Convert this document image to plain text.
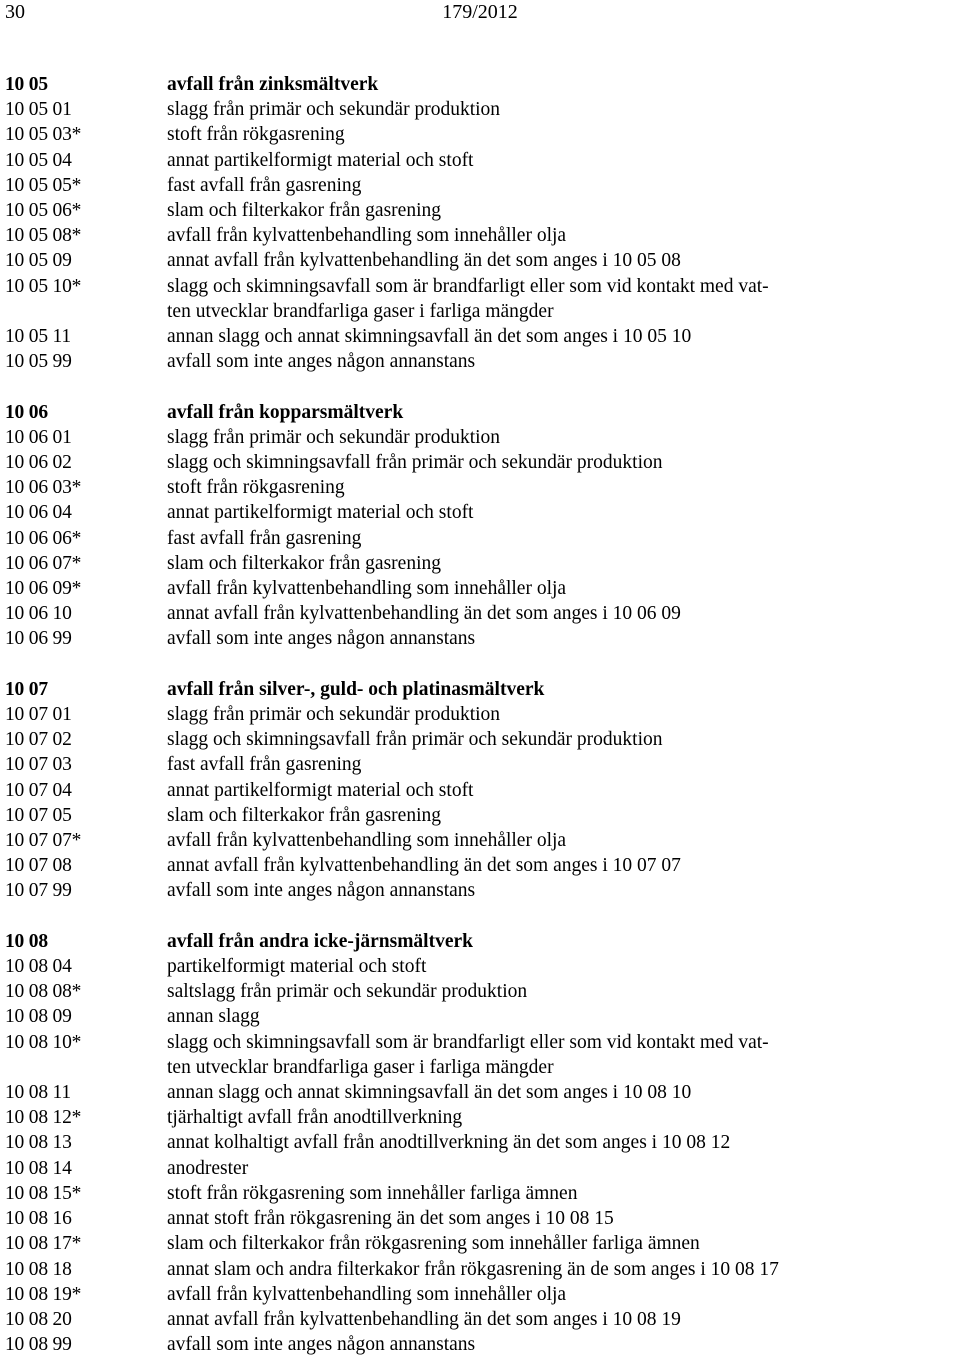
30	179/2012
10 05	avfall från zinksmältverk
10 05 01	slagg från primär och sekundär produktion
10 05 03*	stoft från rökgasrening
10 05 04	annat partikelformigt material och stoft
10 05 05*	fast avfall från gasrening
10 05 06*	slam och filterkakor från gasrening
10 05 08*	avfall från kylvattenbehandling som innehåller olja
10 05 09	annat avfall från kylvattenbehandling än det som anges i 10 05 08
10 05 10*	slagg och skimningsavfall som är brandfarligt eller som vid kontakt med vat-
ten utvecklar brandfarliga gaser i farliga mängder
10 05 11	annan slagg och annat skimningsavfall än det som anges i 10 05 10
10 05 99	avfall som inte anges någon annanstans
10 06	avfall från kopparsmältverk
10 06 01	slagg från primär och sekundär produktion
10 06 02	slagg och skimningsavfall från primär och sekundär produktion
10 06 03*	stoft från rökgasrening
10 06 04	annat partikelformigt material och stoft
10 06 06*	fast avfall från gasrening
10 06 07*	slam och filterkakor från gasrening
10 06 09*	avfall från kylvattenbehandling som innehåller olja
10 06 10	annat avfall från kylvattenbehandling än det som anges i 10 06 09
10 06 99	avfall som inte anges någon annanstans
10 07	avfall från silver-, guld- och platinasmältverk
10 07 01	slagg från primär och sekundär produktion
10 07 02	slagg och skimningsavfall från primär och sekundär produktion
10 07 03	fast avfall från gasrening
10 07 04	annat partikelformigt material och stoft
10 07 05	slam och filterkakor från gasrening
10 07 07*	avfall från kylvattenbehandling som innehåller olja
10 07 08	annat avfall från kylvattenbehandling än det som anges i 10 07 07
10 07 99	avfall som inte anges någon annanstans
10 08	avfall från andra icke-järnsmältverk
10 08 04	partikelformigt material och stoft
10 08 08*	saltslagg från primär och sekundär produktion
10 08 09	annan slagg
10 08 10*	slagg och skimningsavfall som är brandfarligt eller som vid kontakt med vat-
ten utvecklar brandfarliga gaser i farliga mängder
10 08 11	annan slagg och annat skimningsavfall än det som anges i 10 08 10
10 08 12*	tjärhaltigt avfall från anodtillverkning
10 08 13	annat kolhaltigt avfall från anodtillverkning än det som anges i 10 08 12
10 08 14	anodrester
10 08 15*	stoft från rökgasrening som innehåller farliga ämnen
10 08 16	annat stoft från rökgasrening än det som anges i 10 08 15
10 08 17*	slam och filterkakor från rökgasrening som innehåller farliga ämnen
10 08 18	annat slam och andra filterkakor från rökgasrening än de som anges i 10 08 17
10 08 19*	avfall från kylvattenbehandling som innehåller olja
10 08 20	annat avfall från kylvattenbehandling än det som anges i 10 08 19
10 08 99	avfall som inte anges någon annanstans
